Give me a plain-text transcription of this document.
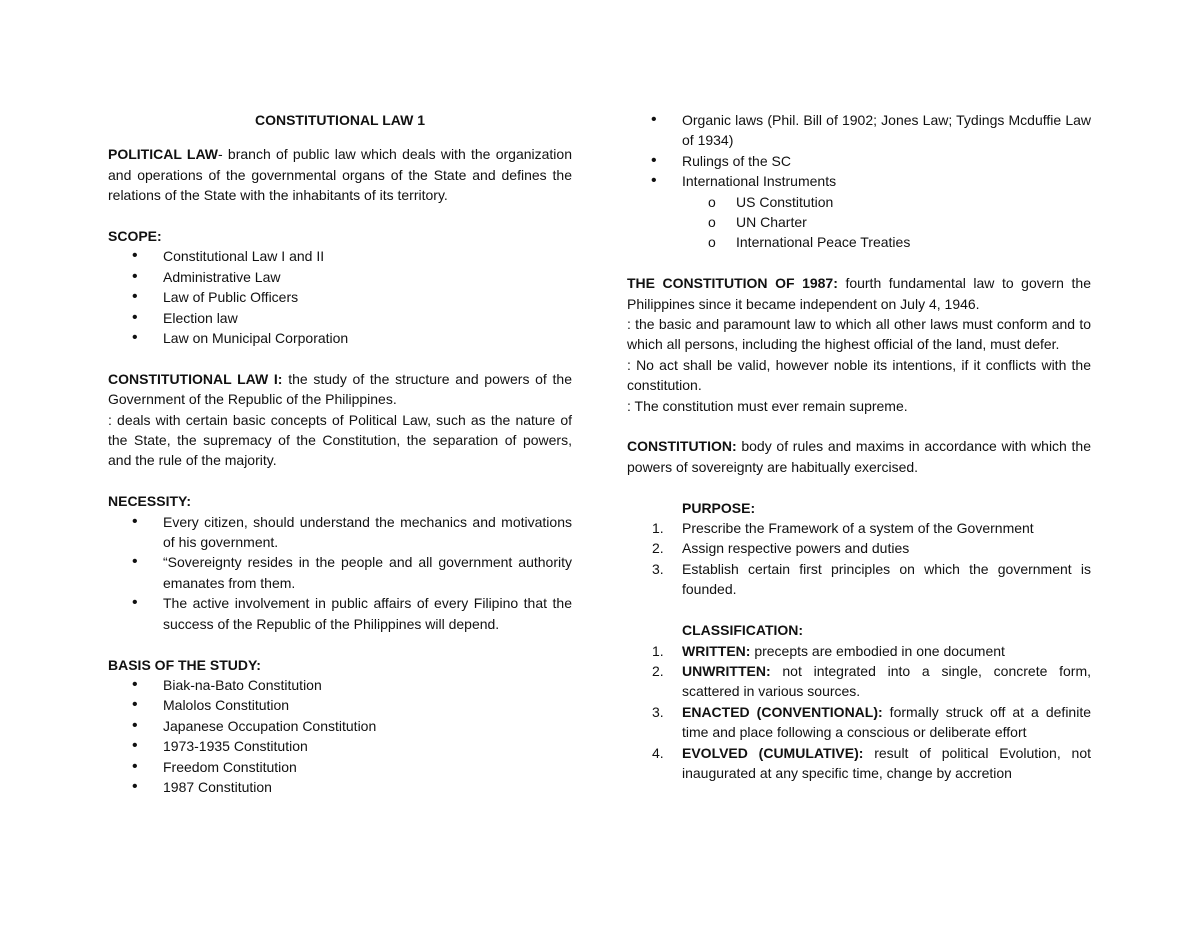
CONSTITUTIONAL LAW 1

POLITICAL LAW- branch of public law which deals with the organization and operations of the governmental organs of the State and defines the relations of the State with the inhabitants of its territory.

SCOPE:
• Constitutional Law I and II
• Administrative Law
• Law of Public Officers
• Election law
• Law on Municipal Corporation

CONSTITUTIONAL LAW I: the study of the structure and powers of the Government of the Republic of the Philippines.

: deals with certain basic concepts of Political Law, such as the nature of the State, the supremacy of the Constitution, the separation of powers, and the rule of the majority.

NECESSITY:
• Every citizen, should understand the mechanics and motivations of his government.
• “Sovereignty resides in the people and all government authority emanates from them.
• The active involvement in public affairs of every Filipino that the success of the Republic of the Philippines will depend.
BASIS OF THE STUDY:
• Biak-na-Bato Constitution
• Malolos Constitution
• Japanese Occupation Constitution
• 1973-1935 Constitution
• Freedom Constitution
• 1987 Constitution
• Organic laws (Phil. Bill of 1902; Jones Law; Tydings Mcduffie Law of 1934)
• Rulings of the SC
• International Instruments
o US Constitution
o UN Charter
o International Peace Treaties

THE CONSTITUTION OF 1987: fourth fundamental law to govern the Philippines since it became independent on July 4, 1946.

: the basic and paramount law to which all other laws must conform and to which all persons, including the highest official of the land, must defer.

: No act shall be valid, however noble its intentions, if it conflicts with the constitution.

: The constitution must ever remain supreme.

CONSTITUTION: body of rules and maxims in accordance with which the powers of sovereignty are habitually exercised.

PURPOSE:
1. Prescribe the Framework of a system of the Government
2. Assign respective powers and duties
3. Establish certain first principles on which the government is founded.
CLASSIFICATION:
1. WRITTEN: precepts are embodied in one document
2. UNWRITTEN: not integrated into a single, concrete form, scattered in various sources.
3. ENACTED (CONVENTIONAL): formally struck off at a definite time and place following a conscious or deliberate effort
4. EVOLVED (CUMULATIVE): result of political Evolution, not inaugurated at any specific time, change by accretion
